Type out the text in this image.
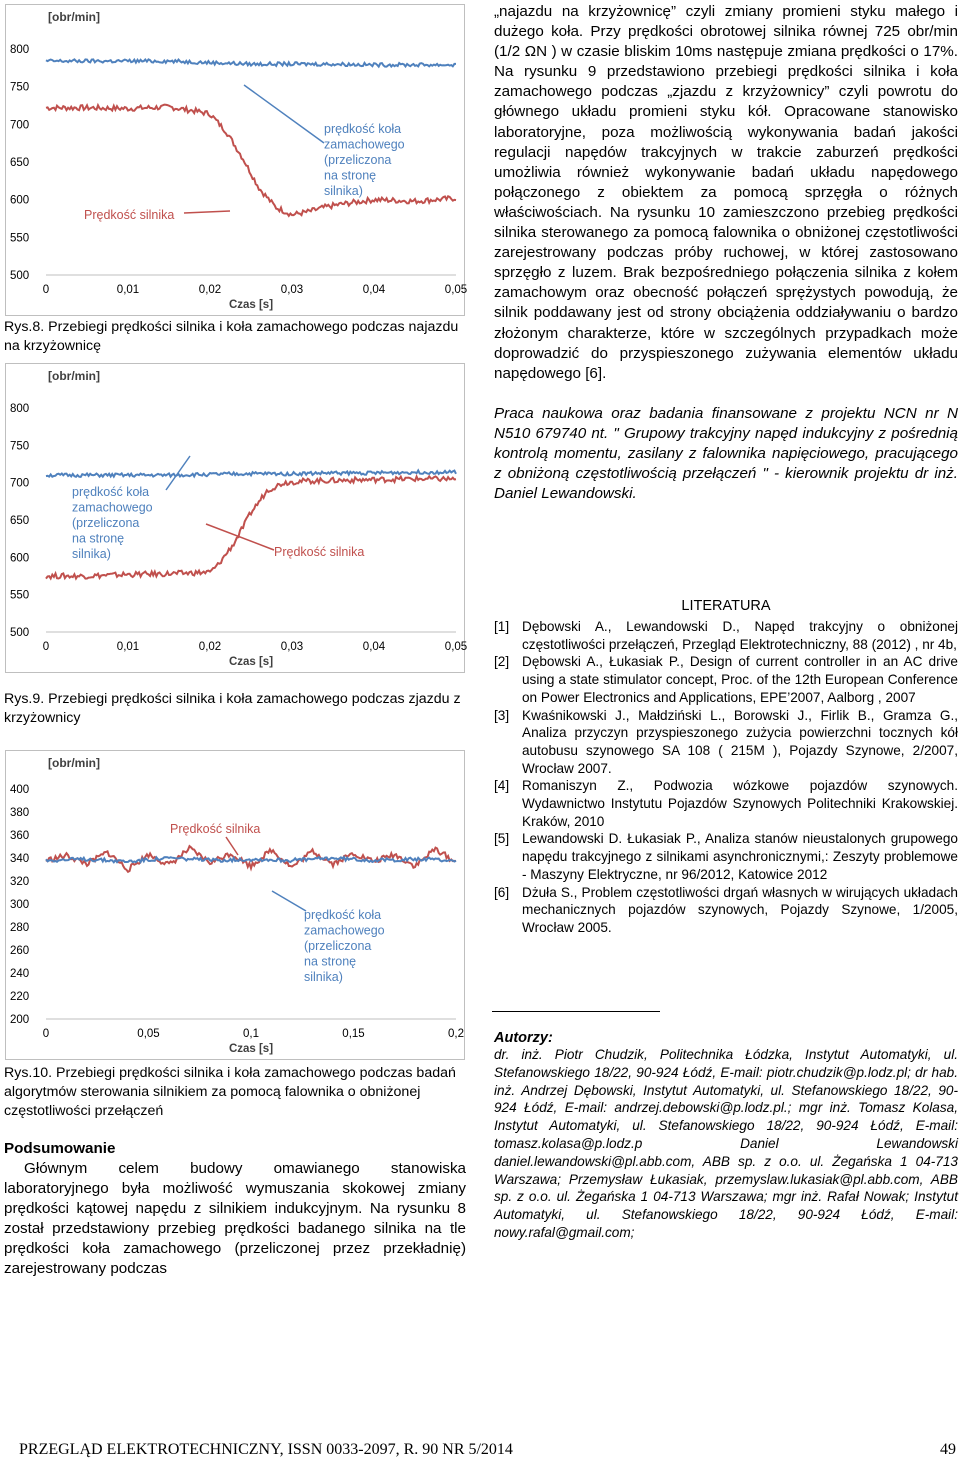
[obr/min]
800
750
700
650
600
550
500
0	0,01	0,02	0,03	0,04	0,05
Czas [s]
Prędkość silnika
prędkość koła
zamachowego
(przeliczona
na stronę
silnika)
Rys.8. Przebiegi prędkości silnika i koła zamachowego podczas najazdu na krzyżownicę
[obr/min]
800
750
700
650
600
550
500
0	0,01	0,02	0,03	0,04	0,05
Czas [s]
Prędkość silnika
prędkość koła
zamachowego
(przeliczona
na stronę
silnika)
Rys.9. Przebiegi prędkości silnika i koła zamachowego podczas zjazdu z krzyżownicy
[obr/min]
400
380
360
340
320
300
280
260
240
220
200
0	0,05	0,1	0,15	0,2
Czas [s]
Prędkość silnika
prędkość koła
zamachowego
(przeliczona
na stronę
silnika)
Rys.10. Przebiegi prędkości silnika i koła zamachowego podczas badań algorytmów sterowania silnikiem za pomocą falownika o obniżonej częstotliwości przełączeń

Podsumowanie

Głównym celem budowy omawianego stanowiska laboratoryjnego była możliwość wymuszania skokowej zmiany prędkości kątowej napędu z silnikiem indukcyjnym. Na rysunku 8 został przedstawiony przebieg prędkości badanego silnika na tle prędkości koła zamachowego (przeliczonej przez przekładnię) zarejestrowany podczas

„najazdu na krzyżownicę” czyli zmiany promieni styku małego i dużego koła. Przy prędkości obrotowej silnika równej 725 obr/min (1/2 ΩN ) w czasie bliskim 10ms następuje zmiana prędkości o 17%. Na rysunku 9 przedstawiono przebiegi prędkości silnika i koła zamachowego podczas „zjazdu z krzyżownicy” czyli powrotu do głównego układu promieni styku kół. Opracowane stanowisko laboratoryjne, poza możliwością wykonywania badań jakości regulacji napędów trakcyjnych w trakcie zaburzeń prędkości umożliwia również wykonywanie badań układu napędowego połączonego z obiektem za pomocą sprzęgła o różnych właściwościach. Na rysunku 10 zamieszczono przebieg prędkości silnika sterowanego za pomocą falownika o obniżonej częstotliwości zarejestrowany podczas próby ruchowej, w której zastosowano sprzęgło z luzem. Brak bezpośredniego połączenia silnika z kołem zamachowym oraz obecność połączeń sprężystych powodują, że silnik poddawany jest od strony obciążenia oddziaływaniu o bardzo złożonym charakterze, które w szczególnych przypadkach może doprowadzić do przyspieszonego zużywania elementów układu napędowego [6].

Praca naukowa oraz badania finansowane z projektu NCN nr N N510 679740 nt. " Grupowy trakcyjny napęd indukcyjny z pośrednią kontrolą momentu, zasilany z falownika napięciowego, pracującego z obniżoną częstotliwością przełączeń " - kierownik projektu dr inż. Daniel Lewandowski.

LITERATURA

[1] Dębowski A., Lewandowski D., Napęd trakcyjny o obniżonej częstotliwości przełączeń, Przegląd Elektrotechniczny, 88 (2012) , nr 4b,
[2] Dębowski A., Łukasiak P., Design of current controller in an AC drive using a state stimulator concept, Proc. of the 12th European Conference on Power Electronics and Applications, EPE’2007, Aalborg , 2007
[3] Kwaśnikowski J., Małdziński L., Borowski J., Firlik B., Gramza G., Analiza przyczyn przyspieszonego zużycia powierzchni tocznych kół autobusu szynowego SA 108 ( 215M ), Pojazdy Szynowe, 2/2007, Wrocław 2007.
[4] Romaniszyn Z., Podwozia wózkowe pojazdów szynowych. Wydawnictwo Instytutu Pojazdów Szynowych Politechniki Krakowskiej. Kraków, 2010
[5] Lewandowski D. Łukasiak P., Analiza stanów nieustalonych grupowego napędu trakcyjnego z silnikami asynchronicznymi,: Zeszyty problemowe - Maszyny Elektryczne, nr 96/2012, Katowice 2012
[6] Dżuła S., Problem częstotliwości drgań własnych w wirujących układach mechanicznych pojazdów szynowych, Pojazdy Szynowe, 1/2005, Wrocław 2005.

Autorzy:

dr. inż. Piotr Chudzik, Politechnika Łódzka, Instytut Automatyki, ul. Stefanowskiego 18/22, 90-924 Łódź, E-mail: piotr.chudzik@p.lodz.pl; dr hab. inż. Andrzej Dębowski, Instytut Automatyki, ul. Stefanowskiego 18/22, 90-924 Łódź, E-mail: andrzej.debowski@p.lodz.pl.; mgr inż. Tomasz Kolasa, Instytut Automatyki, ul. Stefanowskiego 18/22, 90-924 Łódź, E-mail: tomasz.kolasa@p.lodz.p Daniel Lewandowski daniel.lewandowski@pl.abb.com, ABB sp. z o.o. ul. Żegańska 1 04-713 Warszawa; Przemysław Łukasiak, przemyslaw.lukasiak@pl.abb.com, ABB sp. z o.o. ul. Żegańska 1 04-713 Warszawa; mgr inż. Rafał Nowak; Instytut Automatyki, ul. Stefanowskiego 18/22, 90-924 Łódź, E-mail: nowy.rafal@gmail.com;

PRZEGLĄD ELEKTROTECHNICZNY, ISSN 0033-2097, R. 90 NR 5/2014	49
